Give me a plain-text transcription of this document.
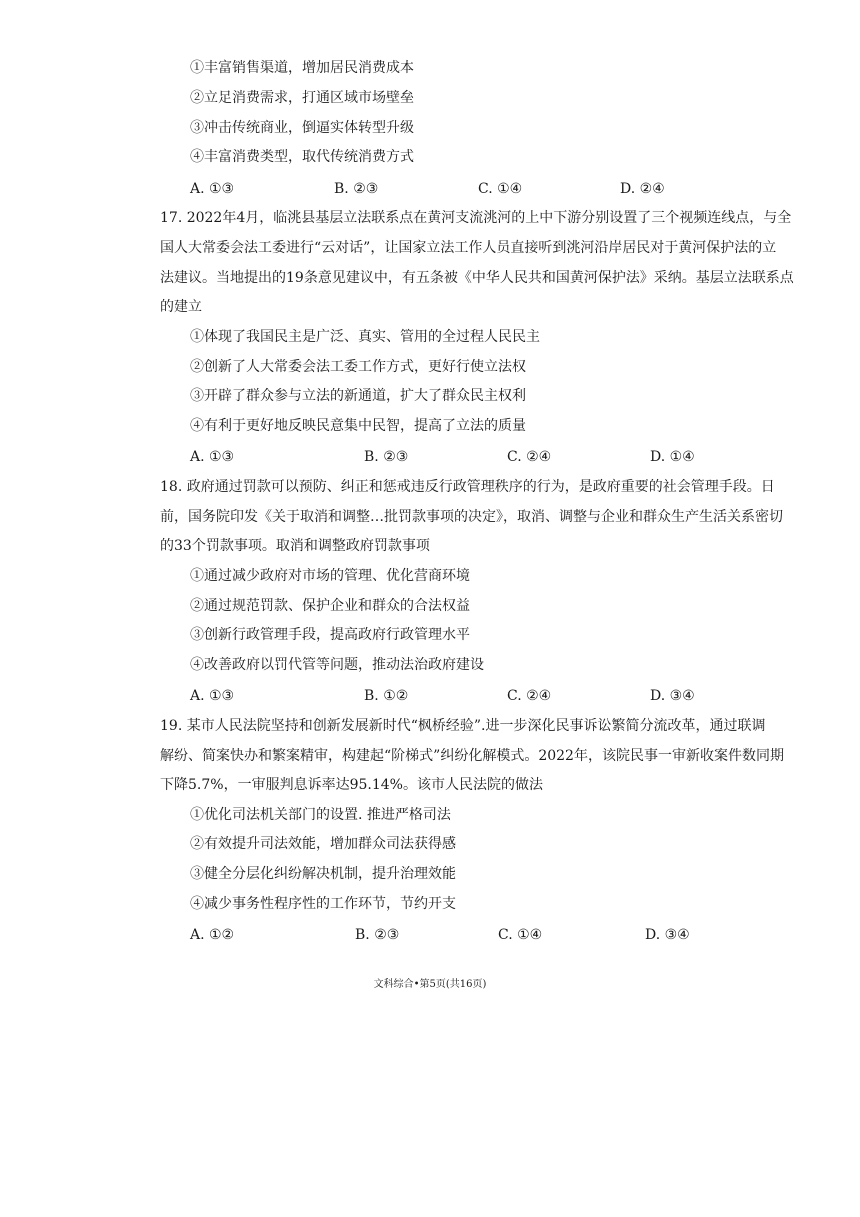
①丰富销售渠道，增加居民消费成本
②立足消费需求，打通区域市场壁垒
③冲击传统商业，倒逼实体转型升级
④丰富消费类型，取代传统消费方式
A. ①③	B. ②③	C. ①④	D. ②④
17. 2022年4月，临洮县基层立法联系点在黄河支流洮河的上中下游分别设置了三个视频连线点，与全
国人大常委会法工委进行“云对话”，让国家立法工作人员直接听到洮河沿岸居民对于黄河保护法的立
法建议。当地提出的19条意见建议中，有五条被《中华人民共和国黄河保护法》采纳。基层立法联系点
的建立
①体现了我国民主是广泛、真实、管用的全过程人民民主
②创新了人大常委会法工委工作方式，更好行使立法权
③开辟了群众参与立法的新通道，扩大了群众民主权利
④有利于更好地反映民意集中民智，提高了立法的质量
A. ①③	B. ②③	C. ②④	D. ①④
18. 政府通过罚款可以预防、纠正和惩戒违反行政管理秩序的行为，是政府重要的社会管理手段。日
前，国务院印发《关于取消和调整…批罚款事项的决定》，取消、调整与企业和群众生产生活关系密切
的33个罚款事项。取消和调整政府罚款事项
①通过减少政府对市场的管理、优化营商环境
②通过规范罚款、保护企业和群众的合法权益
③创新行政管理手段，提高政府行政管理水平
④改善政府以罚代管等问题，推动法治政府建设
A. ①③	B. ①②	C. ②④	D. ③④
19. 某市人民法院坚持和创新发展新时代“枫桥经验”.进一步深化民事诉讼繁简分流改革，通过联调
解纷、简案快办和繁案精审，构建起“阶梯式”纠纷化解模式。2022年，该院民事一审新收案件数同期
下降5.7%，一审服判息诉率达95.14%。该市人民法院的做法
①优化司法机关部门的设置. 推进严格司法
②有效提升司法效能，增加群众司法获得感
③健全分层化纠纷解决机制，提升治理效能
④减少事务性程序性的工作环节，节约开支
A. ①②	B. ②③	C. ①④	D. ③④
文科综合•第5页(共16页)
